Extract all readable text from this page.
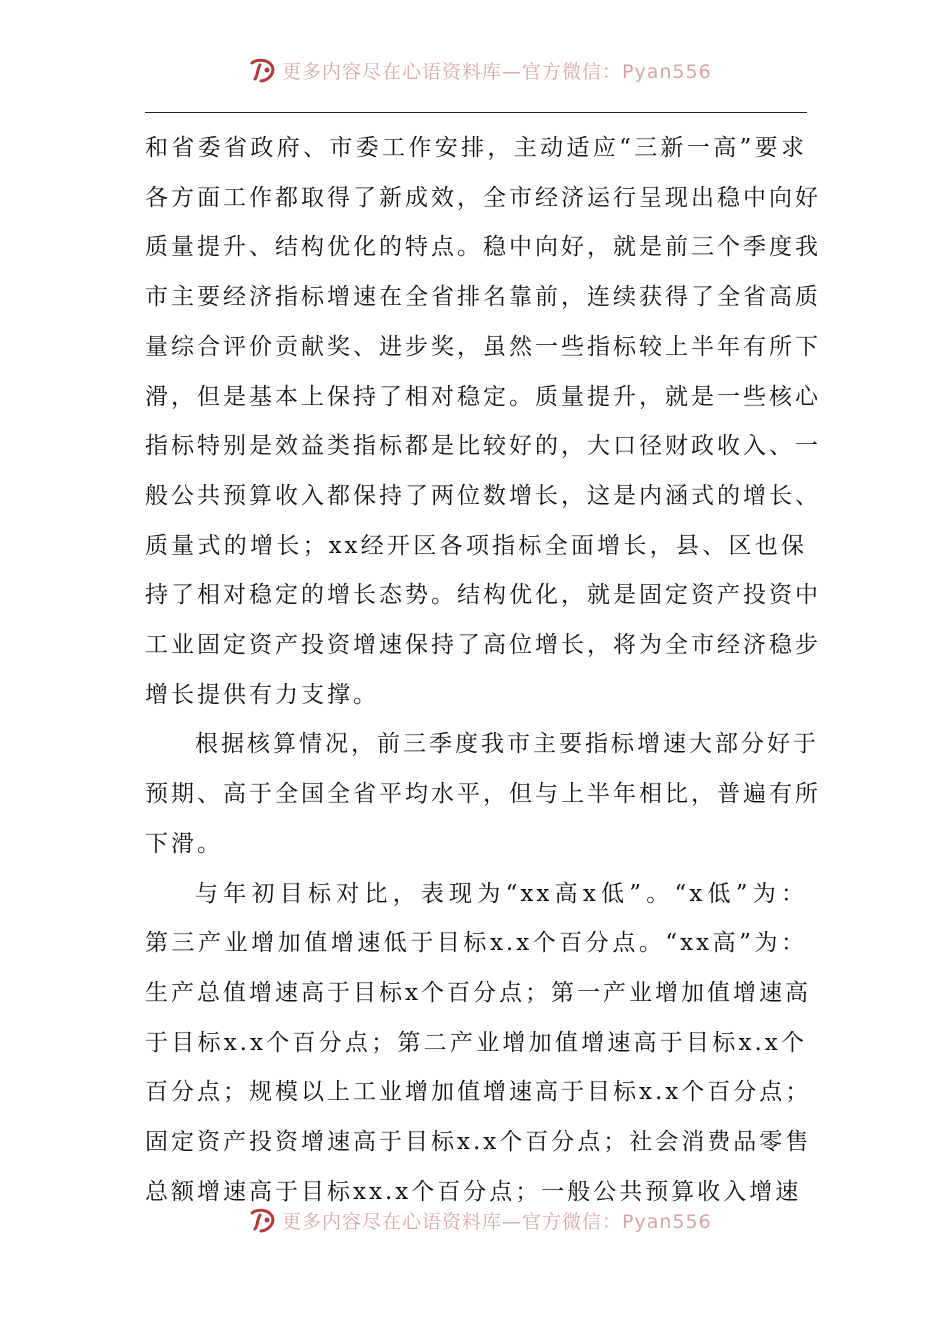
更多内容尽在心语资料库—官方微信：Pyan556

和省委省政府、市委工作安排，主动适应“三新一高”要求

各方面工作都取得了新成效，全市经济运行呈现出稳中向好

质量提升、结构优化的特点。稳中向好，就是前三个季度我

市主要经济指标增速在全省排名靠前，连续获得了全省高质

量综合评价贡献奖、进步奖，虽然一些指标较上半年有所下

滑，但是基本上保持了相对稳定。质量提升，就是一些核心

指标特别是效益类指标都是比较好的，大口径财政收入、一

般公共预算收入都保持了两位数增长，这是内涵式的增长、

质量式的增长；xx经开区各项指标全面增长，县、区也保

持了相对稳定的增长态势。结构优化，就是固定资产投资中

工业固定资产投资增速保持了高位增长，将为全市经济稳步

增长提供有力支撑。

根据核算情况，前三季度我市主要指标增速大部分好于

预期、高于全国全省平均水平，但与上半年相比，普遍有所

下滑。

与年初目标对比，表现为“xx高x低”。“x低”为：

第三产业增加值增速低于目标x.x个百分点。“xx高”为：

生产总值增速高于目标x个百分点；第一产业增加值增速高

于目标x.x个百分点；第二产业增加值增速高于目标x.x个

百分点；规模以上工业增加值增速高于目标x.x个百分点；

固定资产投资增速高于目标x.x个百分点；社会消费品零售

总额增速高于目标xx.x个百分点；一般公共预算收入增速

更多内容尽在心语资料库—官方微信：Pyan556
